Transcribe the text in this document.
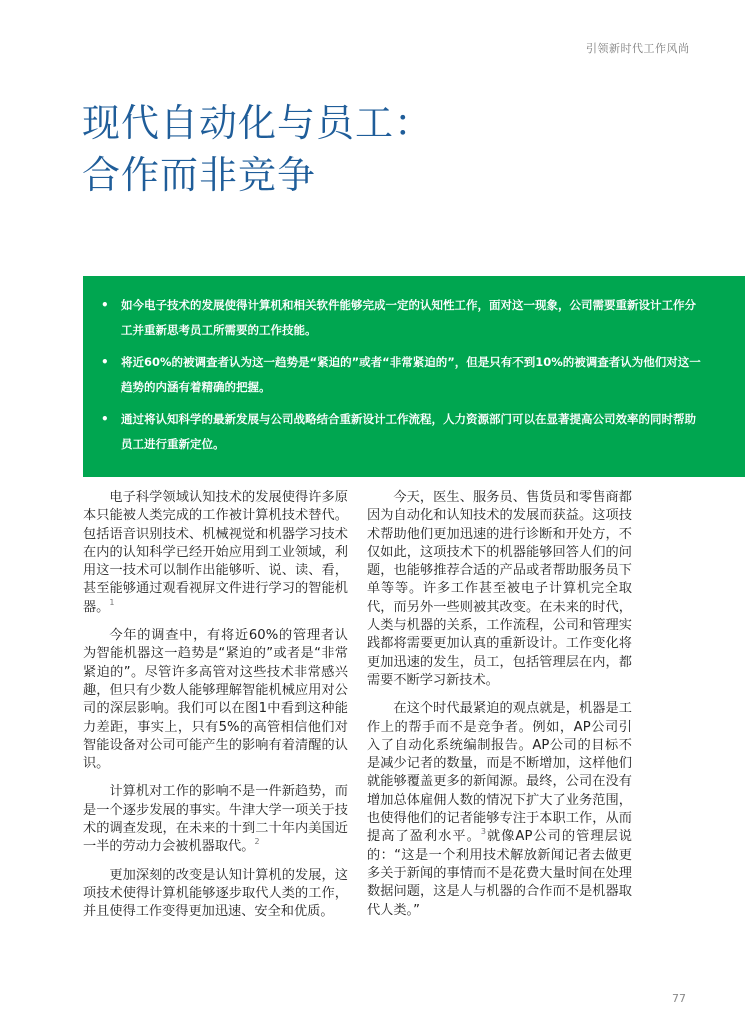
引领新时代工作风尚
现代自动化与员工：
合作而非竞争
• 如今电子技术的发展使得计算机和相关软件能够完成一定的认知性工作，面对这一现象，公司需要重新设计工作分工并重新思考员工所需要的工作技能。
• 将近60%的被调查者认为这一趋势是“紧迫的”或者“非常紧迫的”，但是只有不到10%的被调查者认为他们对这一趋势的内涵有着精确的把握。
• 通过将认知科学的最新发展与公司战略结合重新设计工作流程，人力资源部门可以在显著提高公司效率的同时帮助员工进行重新定位。

电子科学领域认知技术的发展使得许多原本只能被人类完成的工作被计算机技术替代。包括语音识别技术、机械视觉和机器学习技术在内的认知科学已经开始应用到工业领域，利用这一技术可以制作出能够听、说、读、看，甚至能够通过观看视屏文件进行学习的智能机器。$^1$

今年的调查中，有将近60%的管理者认为智能机器这一趋势是“紧迫的”或者是“非常紧迫的”。尽管许多高管对这些技术非常感兴趣，但只有少数人能够理解智能机械应用对公司的深层影响。我们可以在图1中看到这种能力差距，事实上，只有5%的高管相信他们对智能设备对公司可能产生的影响有着清醒的认识。

计算机对工作的影响不是一件新趋势，而是一个逐步发展的事实。牛津大学一项关于技术的调查发现，在未来的十到二十年内美国近一半的劳动力会被机器取代。$^2$

更加深刻的改变是认知计算机的发展，这项技术使得计算机能够逐步取代人类的工作，并且使得工作变得更加迅速、安全和优质。

今天，医生、服务员、售货员和零售商都因为自动化和认知技术的发展而获益。这项技术帮助他们更加迅速的进行诊断和开处方，不仅如此，这项技术下的机器能够回答人们的问题，也能够推荐合适的产品或者帮助服务员下单等等。许多工作甚至被电子计算机完全取代，而另外一些则被其改变。在未来的时代，人类与机器的关系，工作流程，公司和管理实践都将需要更加认真的重新设计。工作变化将更加迅速的发生，员工，包括管理层在内，都需要不断学习新技术。

在这个时代最紧迫的观点就是，机器是工作上的帮手而不是竞争者。例如，AP公司引入了自动化系统编制报告。AP公司的目标不是减少记者的数量，而是不断增加，这样他们就能够覆盖更多的新闻源。最终，公司在没有增加总体雇佣人数的情况下扩大了业务范围，也使得他们的记者能够专注于本职工作，从而提高了盈利水平。$^3$就像AP公司的管理层说的：“这是一个利用技术解放新闻记者去做更多关于新闻的事情而不是花费大量时间在处理数据问题，这是人与机器的合作而不是机器取代人类。”

77
